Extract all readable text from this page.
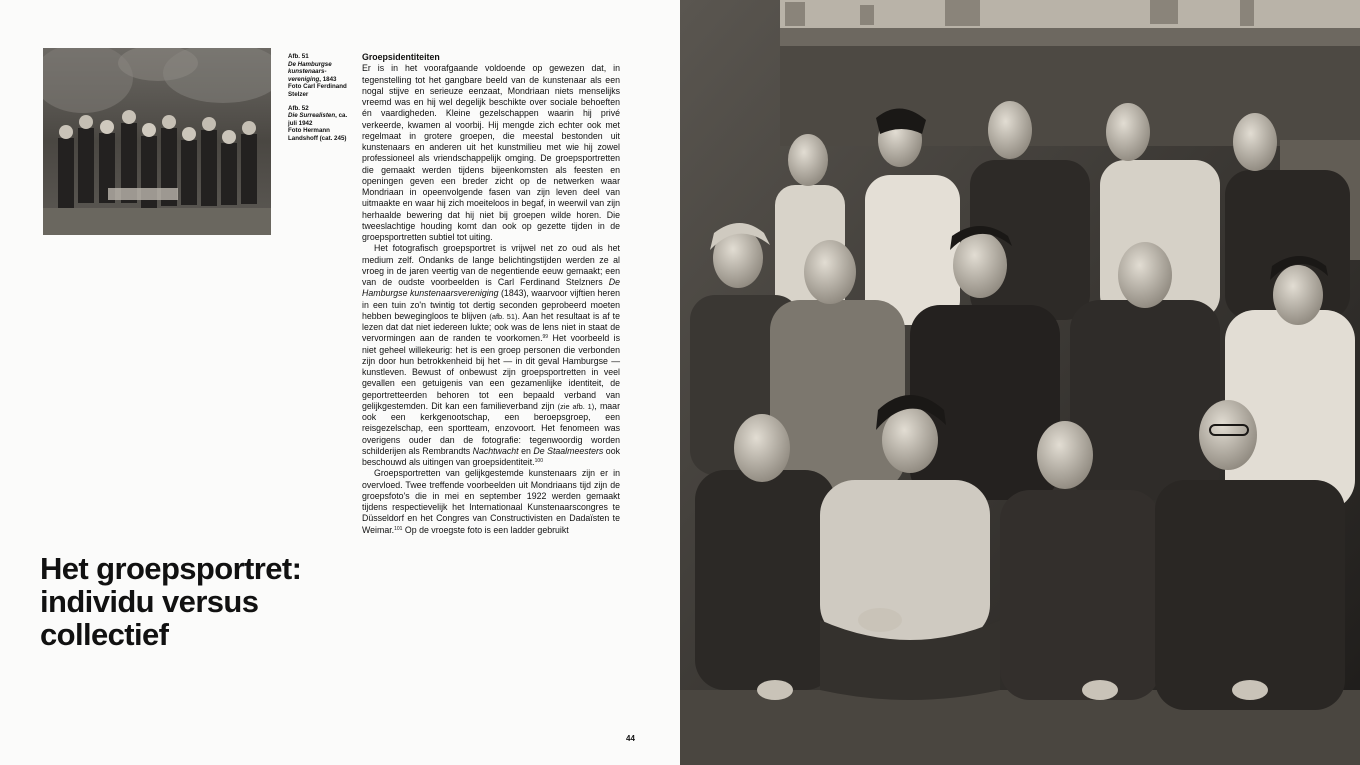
Afb. 51
De Hamburgse kunstenaars-vereniging, 1843
Foto Carl Ferdinand Stelzer

Afb. 52
Die Surrealisten, ca. juli 1942
Foto Hermann Landshoff (cat. 245)

Groepsidentiteiten

Er is in het voorafgaande voldoende op gewezen dat, in tegenstelling tot het gangbare beeld van de kunstenaar als een nogal stijve en serieuze eenzaat, Mondriaan niets menselijks vreemd was en hij wel degelijk beschikte over sociale behoeften én vaardigheden. Kleine gezelschappen waarin hij privé verkeerde, kwamen al voorbij. Hij mengde zich echter ook met regelmaat in grotere groepen, die meestal bestonden uit kunstenaars en anderen uit het kunstmilieu met wie hij zowel professioneel als vriendschappelijk omging. De groepsportretten die gemaakt werden tijdens bijeenkomsten als feesten en openingen geven een breder zicht op de netwerken waar Mondriaan in opeenvolgende fasen van zijn leven deel van uitmaakte en waar hij zich moeiteloos in begaf, in weerwil van zijn herhaalde bewering dat hij niet bij groepen wilde horen. Die tweeslachtige houding komt dan ook op gezette tijden in de groepsportretten subtiel tot uiting.

Het fotografisch groepsportret is vrijwel net zo oud als het medium zelf. Ondanks de lange belichtingstijden werden ze al vroeg in de jaren veertig van de negentiende eeuw gemaakt; een van de oudste voorbeelden is Carl Ferdinand Stelzners De Hamburgse kunstenaarsvereniging (1843), waarvoor vijftien heren in een tuin zo'n twintig tot dertig seconden geprobeerd moeten hebben bewegingloos te blijven (afb. 51). Aan het resultaat is af te lezen dat dat niet iedereen lukte; ook was de lens niet in staat de vervormingen aan de randen te voorkomen.$^{99}$ Het voorbeeld is niet geheel willekeurig: het is een groep personen die verbonden zijn door hun betrokkenheid bij het — in dit geval Hamburgse — kunstleven. Bewust of onbewust zijn groepsportretten in veel gevallen een getuigenis van een gezamenlijke identiteit, de geportretteerden behoren tot een bepaald verband van gelijkgestemden. Dit kan een familieverband zijn (zie afb. 1), maar ook een kerkgenootschap, een beroepsgroep, een reisgezelschap, een sportteam, enzovoort. Het fenomeen was overigens ouder dan de fotografie: tegenwoordig worden schilderijen als Rembrandts Nachtwacht en De Staalmeesters ook beschouwd als uitingen van groepsidentiteit.$^{100}$

Groepsportretten van gelijkgestemde kunstenaars zijn er in overvloed. Twee treffende voorbeelden uit Mondriaans tijd zijn de groepsfoto's die in mei en september 1922 werden gemaakt tijdens respectievelijk het Internationaal Kunstenaarscongres te Düsseldorf en het Congres van Constructivisten en Dadaïsten te Weimar.$^{101}$ Op de vroegste foto is een ladder gebruikt

Het groepsportret:
individu versus
collectief
44
